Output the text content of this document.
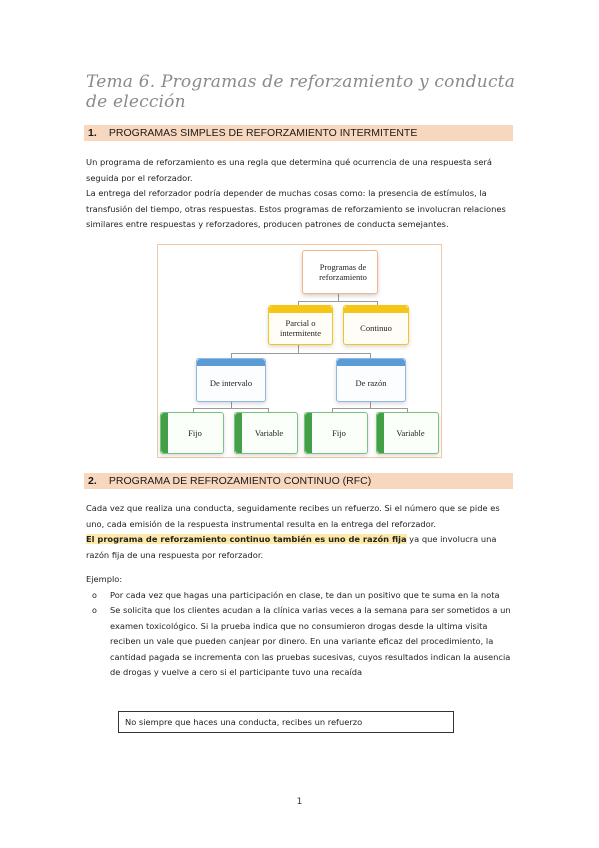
Tema 6. Programas de reforzamiento y conducta de elección
1. PROGRAMAS SIMPLES DE REFORZAMIENTO INTERMITENTE

Un programa de reforzamiento es una regla que determina qué ocurrencia de una respuesta será seguida por el reforzador.

La entrega del reforzador podría depender de muchas cosas como: la presencia de estímulos, la transfusión del tiempo, otras respuestas. Estos programas de reforzamiento se involucran relaciones similares entre respuestas y reforzadores, producen patrones de conducta semejantes.

Programas de reforzamiento
Parcial o intermitente	Continuo
De intervalo	De razón
Fijo	Variable	Fijo	Variable
2. PROGRAMA DE REFROZAMIENTO CONTINUO (RFC)

Cada vez que realiza una conducta, seguidamente recibes un refuerzo. Si el número que se pide es uno, cada emisión de la respuesta instrumental resulta en la entrega del reforzador.

El programa de reforzamiento continuo también es uno de razón fija ya que involucra una razón fija de una respuesta por reforzador.

Ejemplo:
o Por cada vez que hagas una participación en clase, te dan un positivo que te suma en la nota
o Se solicita que los clientes acudan a la clínica varias veces a la semana para ser sometidos a un examen toxicológico. Si la prueba indica que no consumieron drogas desde la ultima visita reciben un vale que pueden canjear por dinero. En una variante eficaz del procedimiento, la cantidad pagada se incrementa con las pruebas sucesivas, cuyos resultados indican la ausencia de drogas y vuelve a cero si el participante tuvo una recaída
No siempre que haces una conducta, recibes un refuerzo
1
